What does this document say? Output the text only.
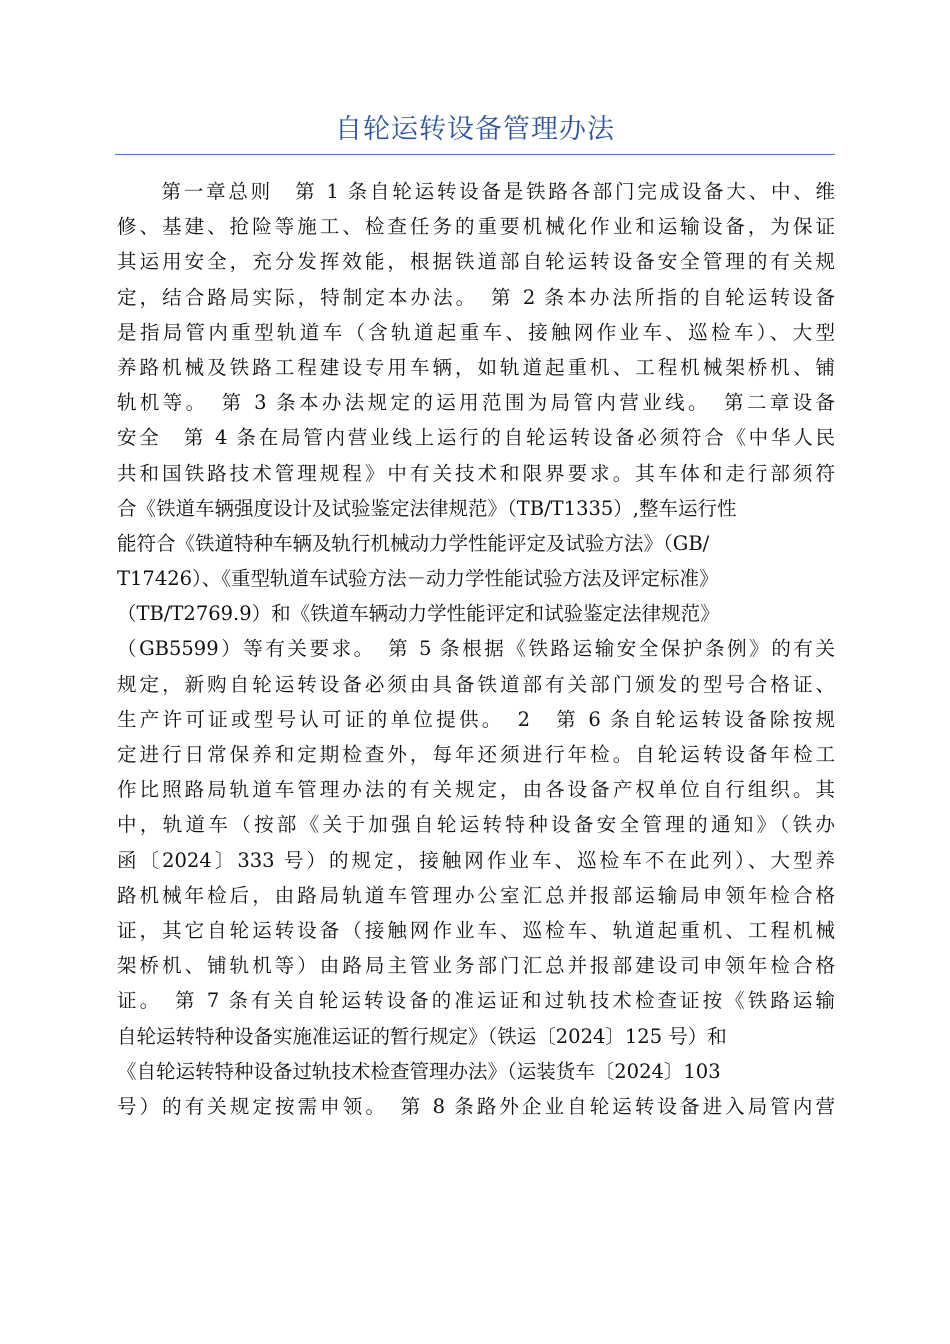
自轮运转设备管理办法
　　第一章总则　第 1 条自轮运转设备是铁路各部门完成设备大、中、维
修、基建、抢险等施工、检查任务的重要机械化作业和运输设备，为保证
其运用安全，充分发挥效能，根据铁道部自轮运转设备安全管理的有关规
定，结合路局实际，特制定本办法。　第 2 条本办法所指的自轮运转设备
是指局管内重型轨道车（含轨道起重车、接触网作业车、巡检车）、大型
养路机械及铁路工程建设专用车辆，如轨道起重机、工程机械架桥机、铺
轨机等。　第 3 条本办法规定的运用范围为局管内营业线。　第二章设备
安全　第 4 条在局管内营业线上运行的自轮运转设备必须符合《中华人民
共和国铁路技术管理规程》中有关技术和限界要求。其车体和走行部须符
合《铁道车辆强度设计及试验鉴定法律规范》（TB/T1335）,整车运行性
能符合《铁道特种车辆及轨行机械动力学性能评定及试验方法》（GB/
T17426）、《重型轨道车试验方法－动力学性能试验方法及评定标准》
（TB/T2769.9）和《铁道车辆动力学性能评定和试验鉴定法律规范》
（GB5599）等有关要求。　第 5 条根据《铁路运输安全保护条例》的有关
规定，新购自轮运转设备必须由具备铁道部有关部门颁发的型号合格证、
生产许可证或型号认可证的单位提供。　2　第 6 条自轮运转设备除按规
定进行日常保养和定期检查外，每年还须进行年检。自轮运转设备年检工
作比照路局轨道车管理办法的有关规定，由各设备产权单位自行组织。其
中，轨道车（按部《关于加强自轮运转特种设备安全管理的通知》（铁办
函〔2024〕333 号）的规定，接触网作业车、巡检车不在此列）、大型养
路机械年检后，由路局轨道车管理办公室汇总并报部运输局申领年检合格
证，其它自轮运转设备（接触网作业车、巡检车、轨道起重机、工程机械
架桥机、铺轨机等）由路局主管业务部门汇总并报部建设司申领年检合格
证。　第 7 条有关自轮运转设备的准运证和过轨技术检查证按《铁路运输
自轮运转特种设备实施准运证的暂行规定》（铁运〔2024〕125 号）和
《自轮运转特种设备过轨技术检查管理办法》（运装货车〔2024〕103
号）的有关规定按需申领。　第 8 条路外企业自轮运转设备进入局管内营
